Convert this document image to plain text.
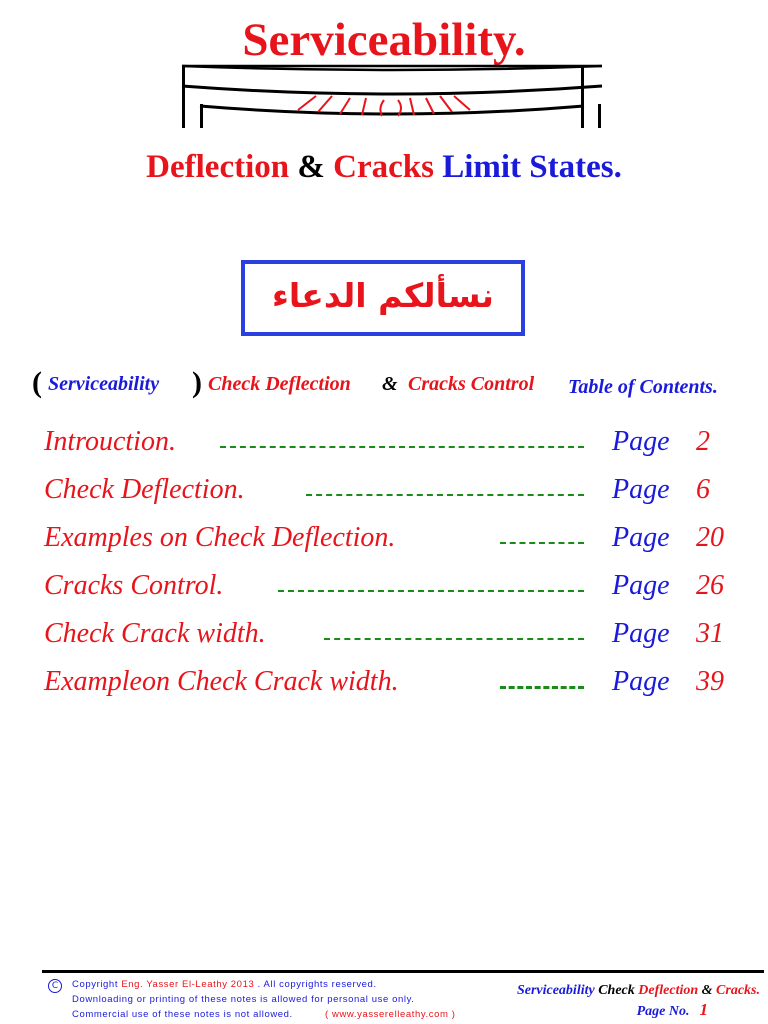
Serviceability.
Deflection & Cracks Limit States.
نسألكم الدعاء
( Serviceability ) Check Deflection & Cracks Control Table of Contents.
Introuction.	Page 2
Check Deflection.	Page 6
Examples on Check Deflection.	Page 20
Cracks Control.	Page 26
Check Crack width.	Page 31
Exampleon Check Crack width.	Page 39
C	Copyright Eng. Yasser El-Leathy 2013 . All copyrights reserved.
Downloading or printing of these notes is allowed for personal use only.
Commercial use of these notes is not allowed.	( www.yasserelleathy.com )
Serviceability Check Deflection & Cracks.
Page No. 1
